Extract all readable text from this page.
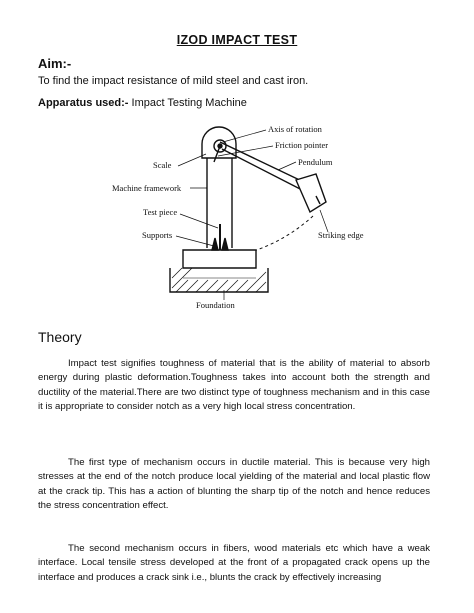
IZOD IMPACT TEST
Aim:-
To find the impact resistance of mild steel and cast iron.
Apparatus used:- Impact Testing Machine
Axis of rotation
Friction pointer
Pendulum
Scale
Machine framework
Test piece
Supports	Striking edge
Foundation
Theory

Impact test signifies toughness of material that is the ability of material to absorb energy during plastic deformation.Toughness takes into account both the strength and ductility of the material.There are two distinct type of toughness mechanism and in this case it is appropriate to consider notch as a very high local stress concentration.

The first type of mechanism occurs in ductile material. This is because very high stresses at the end of the notch produce local yielding of the material and local plastic flow at the crack tip. This has a action of blunting the sharp tip of the notch and hence reduces the stress concentration effect.

The second mechanism occurs in fibers, wood materials etc which have a weak interface. Local tensile stress developed at the front of a propagated crack opens up the interface and produces a crack sink i.e., blunts the crack by effectively increasing
